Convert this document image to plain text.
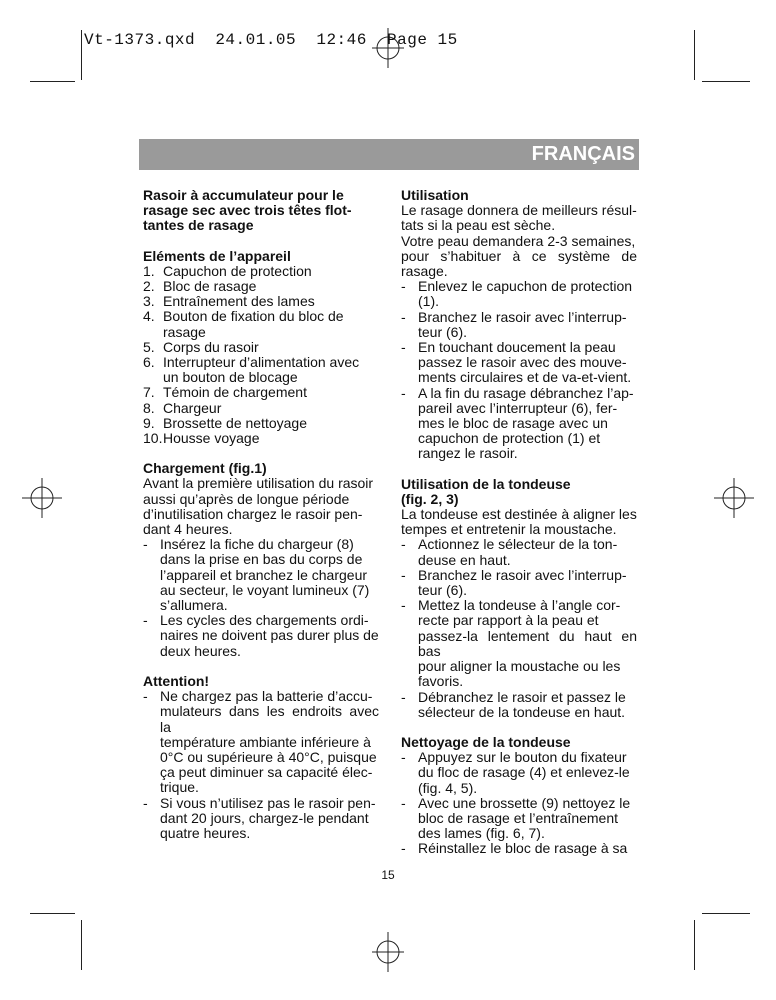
Vt-1373.qxd  24.01.05  12:46  Page 15
FRANÇAIS
Rasoir à accumulateur pour le
rasage sec avec trois têtes flot-
tantes de rasage
Eléments de l’appareil
1. Capuchon de protection
2. Bloc de rasage
3. Entraînement des lames
4. Bouton de fixation du bloc de
rasage
5. Corps du rasoir
6. Interrupteur d’alimentation avec
un bouton de blocage
7. Témoin de chargement
8. Chargeur
9. Brossette de nettoyage
10. Housse voyage
Chargement (fig.1)
Avant la première utilisation du rasoir
aussi qu’après de longue période
d’inutilisation chargez le rasoir pen-
dant 4 heures.
- Insérez la fiche du chargeur (8)
dans la prise en bas du corps de
l’appareil et branchez le chargeur
au secteur, le voyant lumineux (7)
s’allumera.
- Les cycles des chargements ordi-
naires ne doivent pas durer plus de
deux heures.
Attention!
- Ne chargez pas la batterie d’accu-
mulateurs dans les endroits avec la
température ambiante inférieure à
0°C ou supérieure à 40°C, puisque
ça peut diminuer sa capacité élec-
trique.
- Si vous n’utilisez pas le rasoir pen-
dant 20 jours, chargez-le pendant
quatre heures.
Utilisation
Le rasage donnera de meilleurs résul-
tats si la peau est sèche.
Votre peau demandera 2-3 semaines,
pour s’habituer à ce système de
rasage.
- Enlevez le capuchon de protection
(1).
- Branchez le rasoir avec l’interrup-
teur (6).
- En touchant doucement la peau
passez le rasoir avec des mouve-
ments circulaires et de va-et-vient.
- A la fin du rasage débranchez l’ap-
pareil avec l’interrupteur (6), fer-
mes le bloc de rasage avec un
capuchon de protection (1) et
rangez le rasoir.
Utilisation de la tondeuse
(fig. 2, 3)
La tondeuse est destinée à aligner les
tempes et entretenir la moustache.
- Actionnez le sélecteur de la ton-
deuse en haut.
- Branchez le rasoir avec l’interrup-
teur (6).
- Mettez la tondeuse à l’angle cor-
recte par rapport à la peau et
passez-la lentement du haut en bas
pour aligner la moustache ou les
favoris.
- Débranchez le rasoir et passez le
sélecteur de la tondeuse en haut.
Nettoyage de la tondeuse
- Appuyez sur le bouton du fixateur
du floc de rasage (4) et enlevez-le
(fig. 4, 5).
- Avec une brossette (9) nettoyez le
bloc de rasage et l’entraînement
des lames (fig. 6, 7).
- Réinstallez le bloc de rasage à sa
15
